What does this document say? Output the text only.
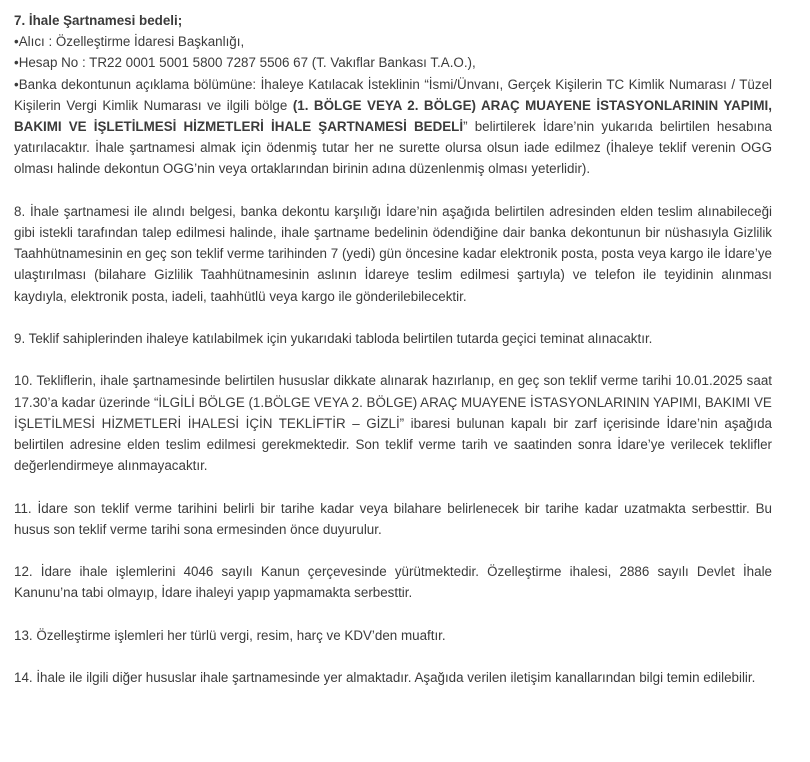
7. İhale Şartnamesi bedeli;

•Alıcı : Özelleştirme İdaresi Başkanlığı,

•Hesap No : TR22 0001 5001 5800 7287 5506 67 (T. Vakıflar Bankası T.A.O.),

•Banka dekontunun açıklama bölümüne: İhaleye Katılacak İsteklinin “İsmi/Ünvanı, Gerçek Kişilerin TC Kimlik Numarası / Tüzel Kişilerin Vergi Kimlik Numarası ve ilgili bölge (1. BÖLGE VEYA 2. BÖLGE) ARAÇ MUAYENE İSTASYONLARININ YAPIMI, BAKIMI VE İŞLETİLMESİ HİZMETLERİ İHALE ŞARTNAMESİ BEDELİ” belirtilerek İdare’nin yukarıda belirtilen hesabına yatırılacaktır. İhale şartnamesi almak için ödenmiş tutar her ne surette olursa olsun iade edilmez (İhaleye teklif verenin OGG olması halinde dekontun OGG’nin veya ortaklarından birinin adına düzenlenmiş olması yeterlidir).

8. İhale şartnamesi ile alındı belgesi, banka dekontu karşılığı İdare’nin aşağıda belirtilen adresinden elden teslim alınabileceği gibi istekli tarafından talep edilmesi halinde, ihale şartname bedelinin ödendiğine dair banka dekontunun bir nüshasıyla Gizlilik Taahhütnamesinin en geç son teklif verme tarihinden 7 (yedi) gün öncesine kadar elektronik posta, posta veya kargo ile İdare’ye ulaştırılması (bilahare Gizlilik Taahhütnamesinin aslının İdareye teslim edilmesi şartıyla) ve telefon ile teyidinin alınması kaydıyla, elektronik posta, iadeli, taahhütlü veya kargo ile gönderilebilecektir.

9. Teklif sahiplerinden ihaleye katılabilmek için yukarıdaki tabloda belirtilen tutarda geçici teminat alınacaktır.

10. Tekliflerin, ihale şartnamesinde belirtilen hususlar dikkate alınarak hazırlanıp, en geç son teklif verme tarihi 10.01.2025 saat 17.30’a kadar üzerinde “İLGİLİ BÖLGE (1.BÖLGE VEYA 2. BÖLGE) ARAÇ MUAYENE İSTASYONLARININ YAPIMI, BAKIMI VE

İŞLETİLMESİ HİZMETLERİ İHALESİ İÇİN TEKLİFTİR – GİZLİ” ibaresi bulunan kapalı bir zarf içerisinde İdare’nin aşağıda belirtilen adresine elden teslim edilmesi gerekmektedir. Son teklif verme tarih ve saatinden sonra İdare’ye verilecek teklifler değerlendirmeye alınmayacaktır.

11. İdare son teklif verme tarihini belirli bir tarihe kadar veya bilahare belirlenecek bir tarihe kadar uzatmakta serbesttir. Bu husus son teklif verme tarihi sona ermesinden önce duyurulur.

12. İdare ihale işlemlerini 4046 sayılı Kanun çerçevesinde yürütmektedir. Özelleştirme ihalesi, 2886 sayılı Devlet İhale Kanunu’na tabi olmayıp, İdare ihaleyi yapıp yapmamakta serbesttir.

13. Özelleştirme işlemleri her türlü vergi, resim, harç ve KDV’den muaftır.

14. İhale ile ilgili diğer hususlar ihale şartnamesinde yer almaktadır. Aşağıda verilen iletişim kanallarından bilgi temin edilebilir.
